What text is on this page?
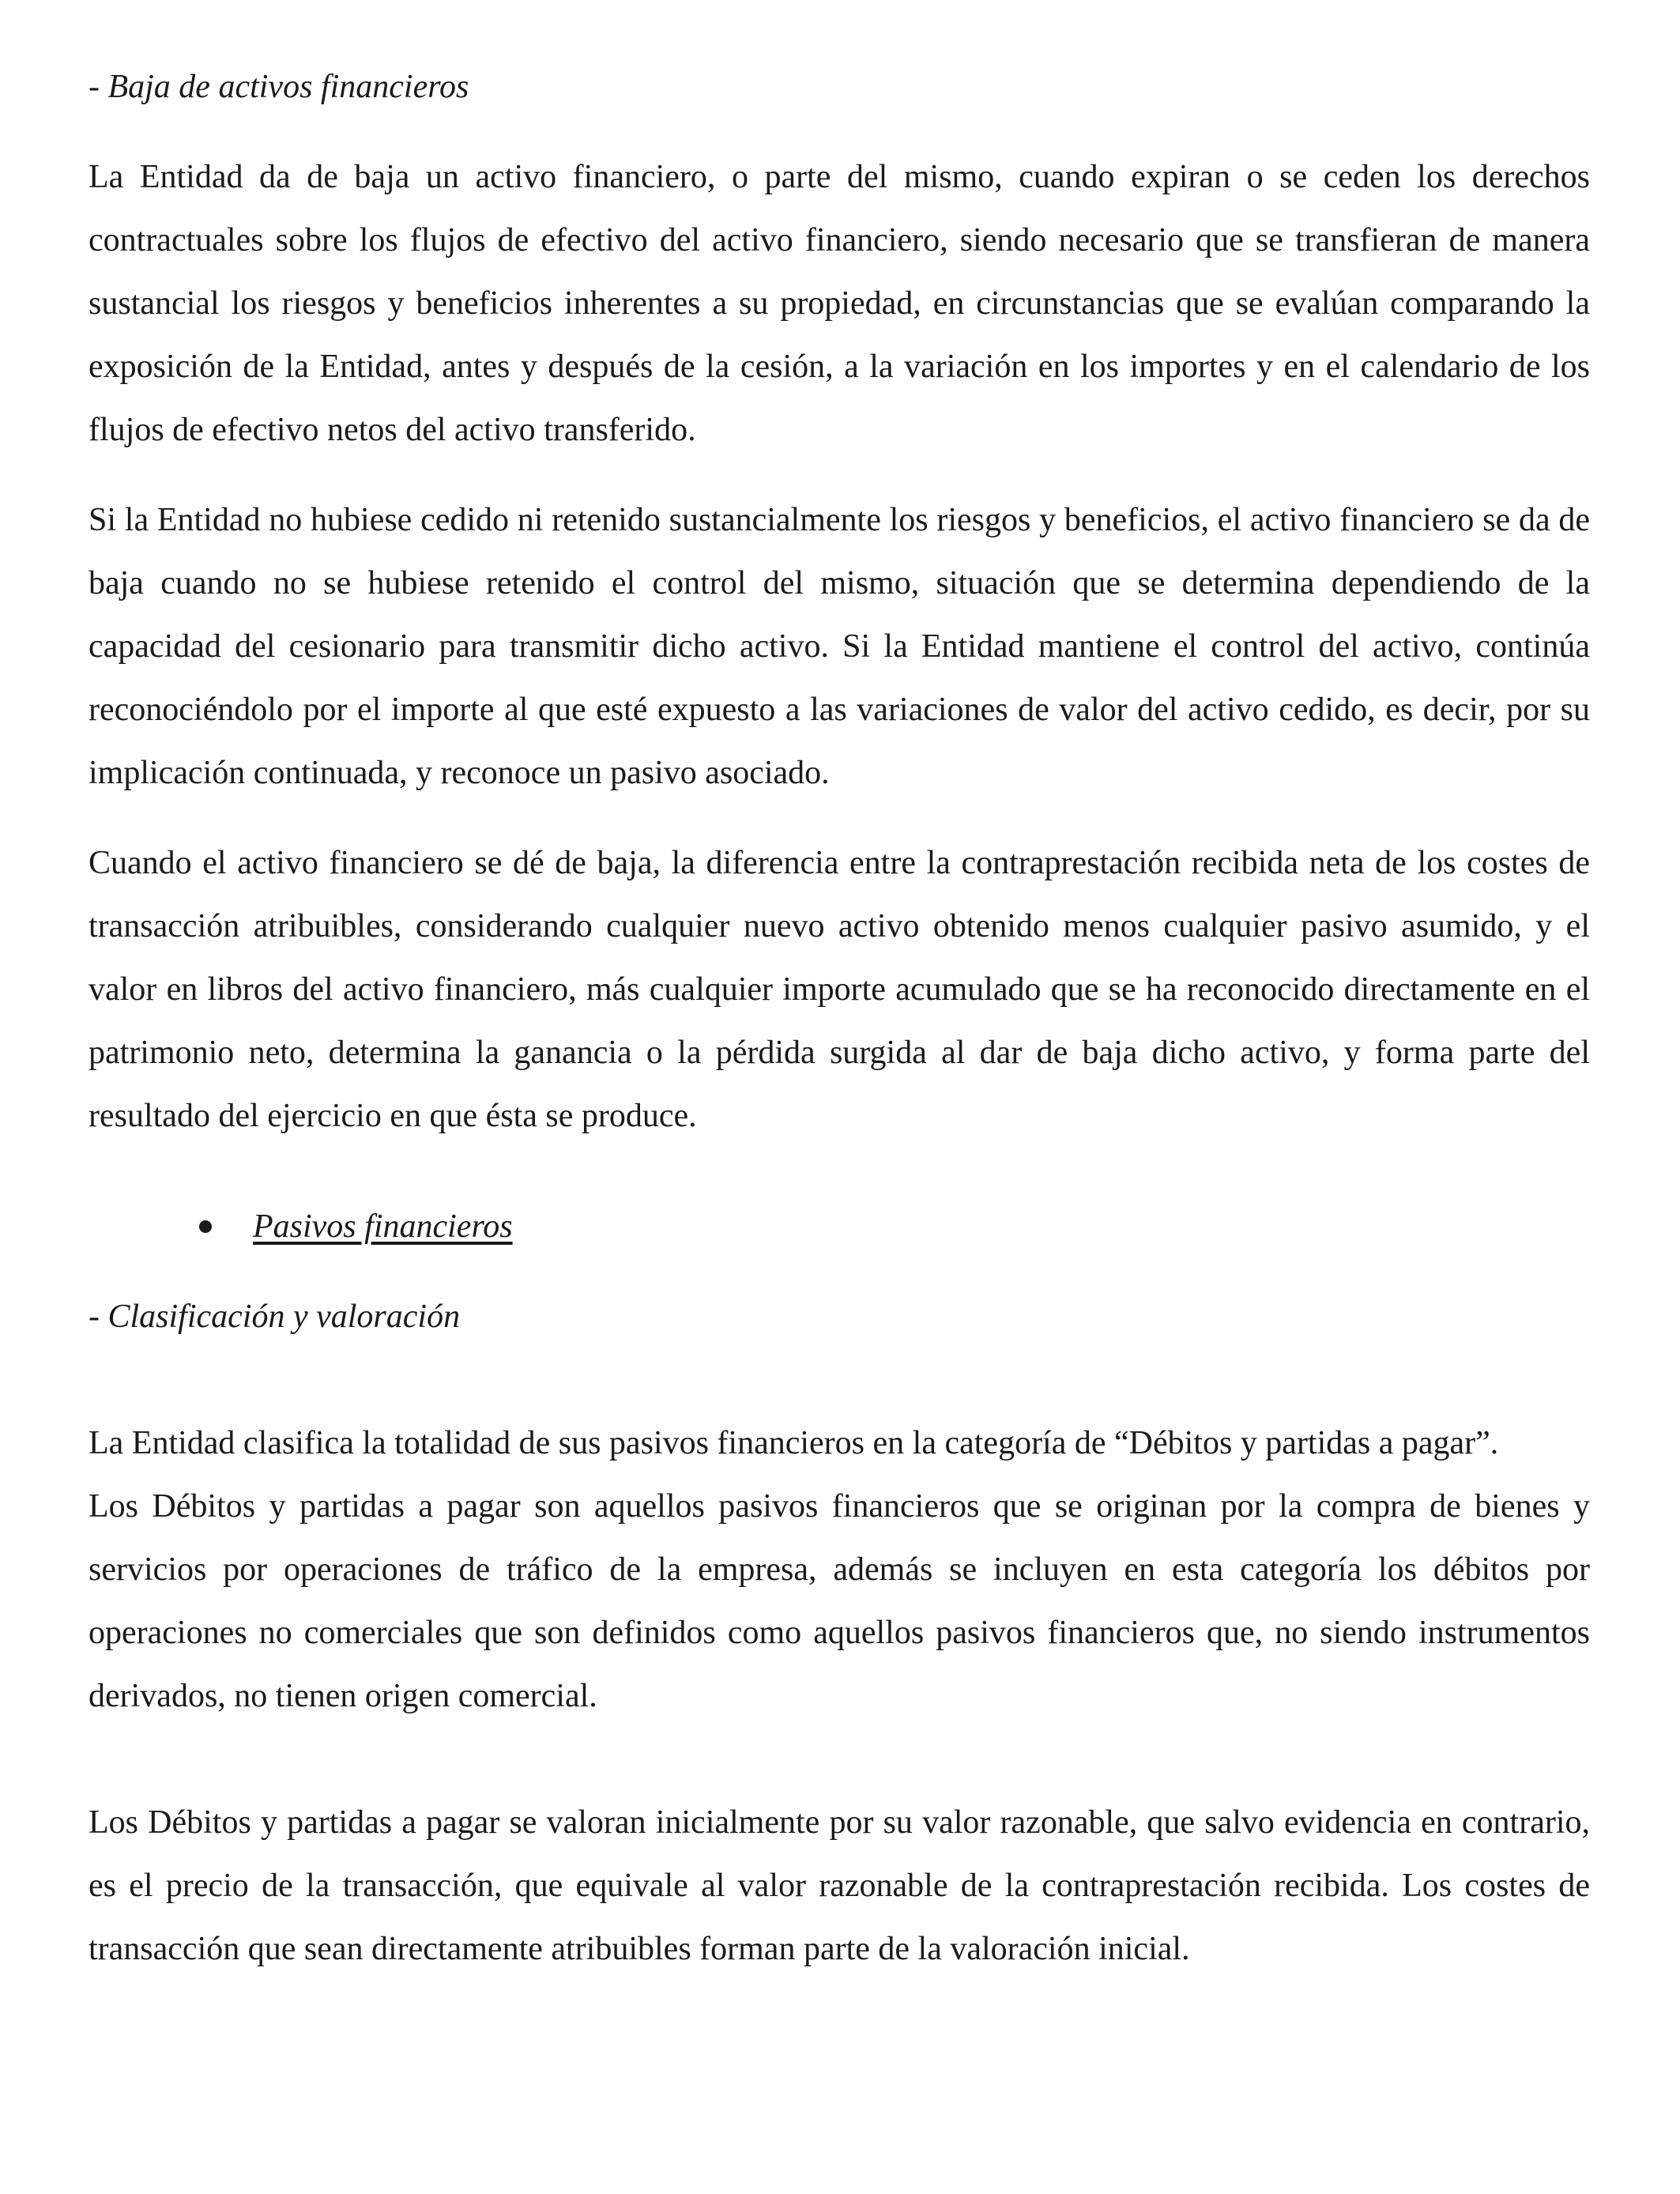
- Baja de activos financieros

La Entidad da de baja un activo financiero, o parte del mismo, cuando expiran o se ceden los derechos contractuales sobre los flujos de efectivo del activo financiero, siendo necesario que se transfieran de manera sustancial los riesgos y beneficios inherentes a su propiedad, en circunstancias que se evalúan comparando la exposición de la Entidad, antes y después de la cesión, a la variación en los importes y en el calendario de los flujos de efectivo netos del activo transferido.

Si la Entidad no hubiese cedido ni retenido sustancialmente los riesgos y beneficios, el activo financiero se da de baja cuando no se hubiese retenido el control del mismo, situación que se determina dependiendo de la capacidad del cesionario para transmitir dicho activo. Si la Entidad mantiene el control del activo, continúa reconociéndolo por el importe al que esté expuesto a las variaciones de valor del activo cedido, es decir, por su implicación continuada, y reconoce un pasivo asociado.

Cuando el activo financiero se dé de baja, la diferencia entre la contraprestación recibida neta de los costes de transacción atribuibles, considerando cualquier nuevo activo obtenido menos cualquier pasivo asumido, y el valor en libros del activo financiero, más cualquier importe acumulado que se ha reconocido directamente en el patrimonio neto, determina la ganancia o la pérdida surgida al dar de baja dicho activo, y forma parte del resultado del ejercicio en que ésta se produce.

Pasivos financieros

- Clasificación y valoración

La Entidad clasifica la totalidad de sus pasivos financieros en la categoría de “Débitos y partidas a pagar”.

Los Débitos y partidas a pagar son aquellos pasivos financieros que se originan por la compra de bienes y servicios por operaciones de tráfico de la empresa, además se incluyen en esta categoría los débitos por operaciones no comerciales que son definidos como aquellos pasivos financieros que, no siendo instrumentos derivados, no tienen origen comercial.

Los Débitos y partidas a pagar se valoran inicialmente por su valor razonable, que salvo evidencia en contrario, es el precio de la transacción, que equivale al valor razonable de la contraprestación recibida. Los costes de transacción que sean directamente atribuibles forman parte de la valoración inicial.
